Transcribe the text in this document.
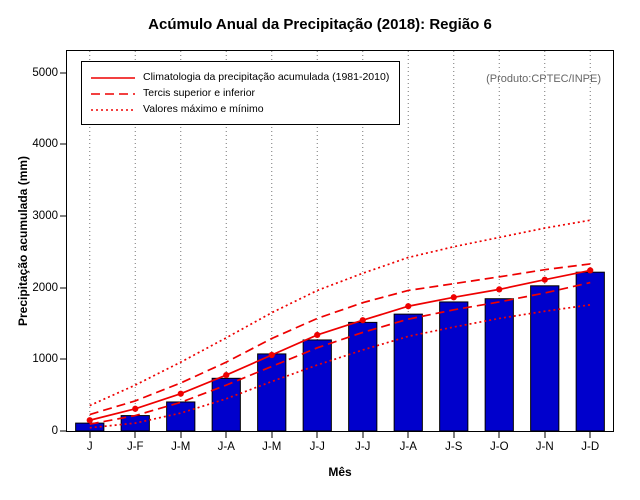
Acúmulo Anual da Precipitação (2018): Região 6
Precipitação acumulada (mm)
Mês
0
1000
2000
3000
4000
5000
J	J-F J-M J-A J-M J-J	J-J	J-A J-S J-O J-N J-D
Climatologia da precipitação acumulada (1981-2010)
Tercis superior e inferior
Valores máximo e mínimo
(Produto:CPTEC/INPE)
